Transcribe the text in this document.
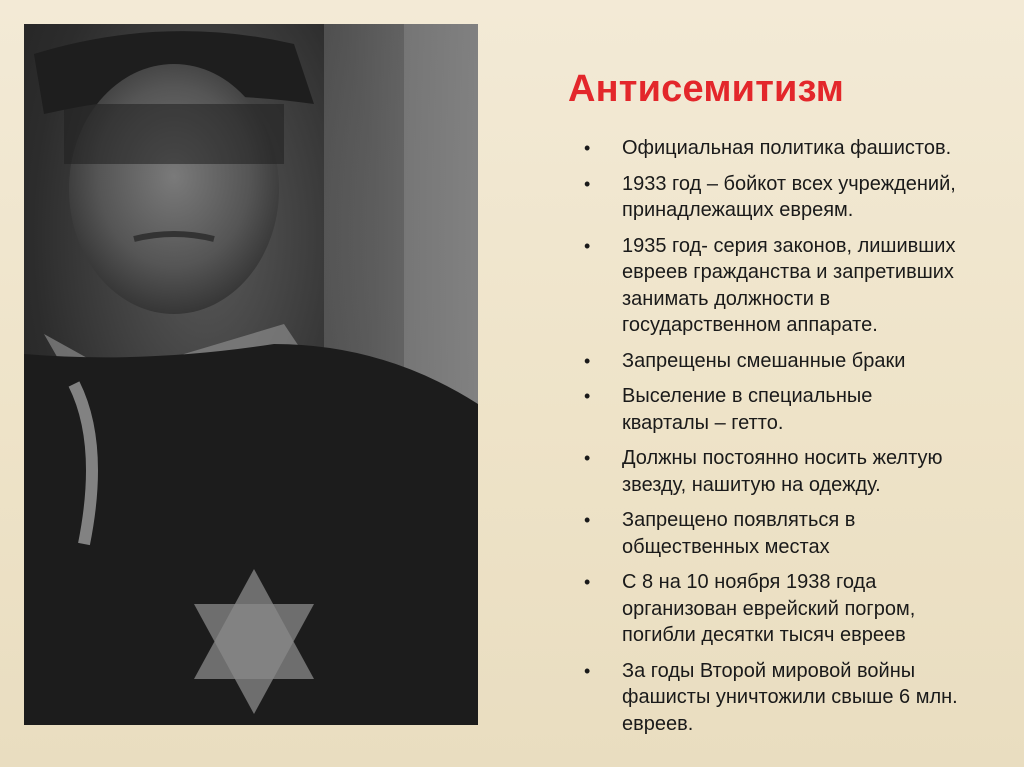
Антисемитизм
• Официальная политика фашистов.
• 1933 год – бойкот всех учреждений,
принадлежащих евреям.
• 1935 год- серия законов, лишивших
евреев гражданства и запретивших
занимать должности в
государственном аппарате.
• Запрещены смешанные браки
• Выселение в специальные
кварталы – гетто.
• Должны постоянно носить желтую
звезду, нашитую на одежду.
• Запрещено появляться в
общественных местах
• С 8 на 10 ноября 1938 года
организован еврейский погром,
погибли десятки тысяч евреев
• За годы Второй мировой войны
фашисты уничтожили свыше 6 млн.
евреев.
